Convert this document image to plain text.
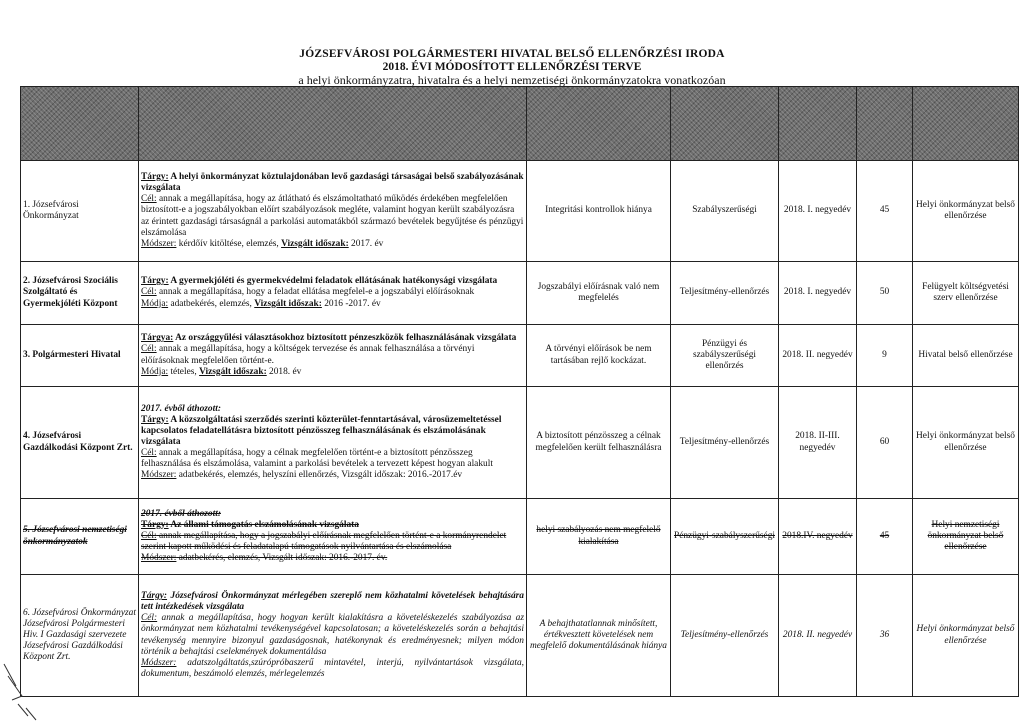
JÓZSEFVÁROSI POLGÁRMESTERI HIVATAL BELSŐ ELLENŐRZÉSI IRODA
2018. ÉVI MÓDOSÍTOTT ELLENŐRZÉSI TERVE
a helyi önkormányzatra, hivatalra és a helyi nemzetiségi önkormányzatokra vonatkozóan

1. Józsefvárosi Önkormányzat	Tárgy: A helyi önkormányzat köztulajdonában levő gazdasági társaságai belső szabályozásának vizsgálata
Cél: annak a megállapítása, hogy az átlátható és elszámoltatható működés érdekében megfelelően biztosított-e a jogszabályokban előírt szabályozások megléte, valamint hogyan került szabályozásra az érintett gazdasági társaságnál a parkolási automatákból származó bevételek begyűjtése és pénzügyi elszámolása
Módszer: kérdőív kitöltése, elemzés, Vizsgált időszak: 2017. év	Integritási kontrollok hiánya	Szabályszerűségi	2018. I. negyedév	45	Helyi önkormányzat belső ellenőrzése
2. Józsefvárosi Szociális Szolgáltató és Gyermekjóléti Központ	Tárgy: A gyermekjóléti és gyermekvédelmi feladatok ellátásának hatékonysági vizsgálata
Cél: annak a megállapítása, hogy a feladat ellátása megfelel-e a jogszabályi előírásoknak
Módja: adatbekérés, elemzés, Vizsgált időszak: 2016 -2017. év	Jogszabályi előírásnak való nem megfelelés	Teljesítmény-ellenőrzés	2018. I. negyedév	50	Felügyelt költségvetési szerv ellenőrzése
3. Polgármesteri Hivatal	Tárgya: Az országgyűlési választásokhoz biztosított pénzeszközök felhasználásának vizsgálata
Cél: annak a megállapítása, hogy a költségek tervezése és annak felhasználása a törvényi előírásoknak megfelelően történt-e.
Módja: tételes, Vizsgált időszak: 2018. év	A törvényi előírások be nem tartásában rejlő kockázat.	Pénzügyi és szabályszerűségi ellenőrzés	2018. II. negyedév	9	Hivatal belső ellenőrzése
4. Józsefvárosi Gazdálkodási Központ Zrt.	2017. évből áthozott:
Tárgy: A közszolgáltatási szerződés szerinti közterület-fenntartásával, városüzemeltetéssel kapcsolatos feladatellátásra biztosított pénzösszeg felhasználásának és elszámolásának vizsgálata
Cél: annak a megállapítása, hogy a célnak megfelelően történt-e a biztosított pénzösszeg felhasználása és elszámolása, valamint a parkolási bevételek a tervezett képest hogyan alakult
Módszer: adatbekérés, elemzés, helyszíni ellenőrzés, Vizsgált időszak: 2016.-2017.év	A biztosított pénzösszeg a célnak megfelelően került felhasználásra	Teljesítmény-ellenőrzés	2018. II-III. negyedév	60	Helyi önkormányzat belső ellenőrzése
5. Józsefvárosi nemzetiségi önkormányzatok	2017. évből áthozott:
Tárgy: Az állami támogatás elszámolásának vizsgálata
Cél: annak megállapítása, hogy a jogszabályi előírásnak megfelelően történt-e a kormányrendelet szerint kapott működési és feladatalapú támogatások nyilvántartása és elszámolása
Módszer: adatbekérés, elemzés, Vizsgált időszak: 2016.-2017. év.	helyi szabályozás nem megfelelő kialakítása	Pénzügyi-szabályszerűségi	2018.IV. negyedév	45	Helyi nemzetiségi önkormányzat belső ellenőrzése
6. Józsefvárosi Önkormányzat Józsefvárosi Polgármesteri Hiv. I Gazdasági szervezete Józsefvárosi Gazdálkodási Központ Zrt.	Tárgy: Józsefvárosi Önkormányzat mérlegében szereplő nem közhatalmi követelések behajtására tett intézkedések vizsgálata
Cél: annak a megállapítása, hogy hogyan került kialakításra a követeléskezelés szabályozása az önkormányzat nem közhatalmi tevékenységével kapcsolatosan; a követeléskezelés során a behajtási tevékenység mennyire bizonyul gazdaságosnak, hatékonynak és eredményesnek; milyen módon történik a behajtási cselekmények dokumentálása
Módszer: adatszolgáltatás,szúrópróbaszerű mintavétel, interjú, nyilvántartások vizsgálata, dokumentum, beszámoló elemzés, mérlegelemzés	A behajthatatlannak minősített, értékvesztett követelések nem megfelelő dokumentálásának hiánya	Teljesítmény-ellenőrzés	2018. II. negyedév	36	Helyi önkormányzat belső ellenőrzése
